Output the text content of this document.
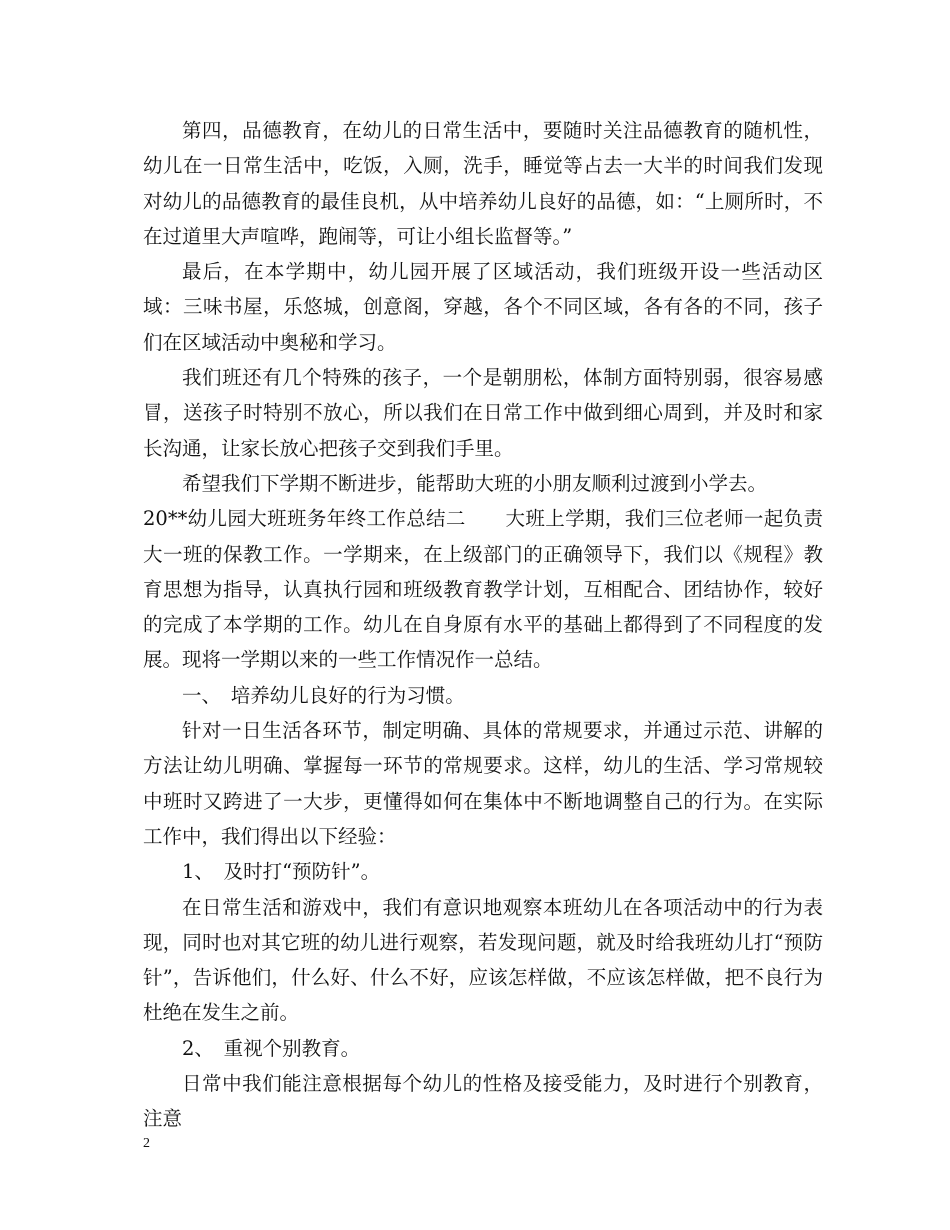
第四，品德教育，在幼儿的日常生活中，要随时关注品德教育的随机性，幼儿在一日常生活中，吃饭，入厕，洗手，睡觉等占去一大半的时间我们发现对幼儿的品德教育的最佳良机，从中培养幼儿良好的品德，如：“上厕所时，不在过道里大声喧哗，跑闹等，可让小组长监督等。”

最后，在本学期中，幼儿园开展了区域活动，我们班级开设一些活动区域：三味书屋，乐悠城，创意阁，穿越，各个不同区域，各有各的不同，孩子们在区域活动中奥秘和学习。

我们班还有几个特殊的孩子，一个是朝朋松，体制方面特别弱，很容易感冒，送孩子时特别不放心，所以我们在日常工作中做到细心周到，并及时和家长沟通，让家长放心把孩子交到我们手里。

希望我们下学期不断进步，能帮助大班的小朋友顺利过渡到小学去。

20**幼儿园大班班务年终工作总结二　　大班上学期，我们三位老师一起负责大一班的保教工作。一学期来，在上级部门的正确领导下，我们以《规程》教育思想为指导，认真执行园和班级教育教学计划，互相配合、团结协作，较好的完成了本学期的工作。幼儿在自身原有水平的基础上都得到了不同程度的发展。现将一学期以来的一些工作情况作一总结。

一、　培养幼儿良好的行为习惯。

针对一日生活各环节，制定明确、具体的常规要求，并通过示范、讲解的方法让幼儿明确、掌握每一环节的常规要求。这样，幼儿的生活、学习常规较中班时又跨进了一大步，更懂得如何在集体中不断地调整自己的行为。在实际工作中，我们得出以下经验：

1、　及时打“预防针”。

在日常生活和游戏中，我们有意识地观察本班幼儿在各项活动中的行为表现，同时也对其它班的幼儿进行观察，若发现问题，就及时给我班幼儿打“预防针”，告诉他们，什么好、什么不好，应该怎样做，不应该怎样做，把不良行为杜绝在发生之前。

2、　重视个别教育。

日常中我们能注意根据每个幼儿的性格及接受能力，及时进行个别教育，注意

2
